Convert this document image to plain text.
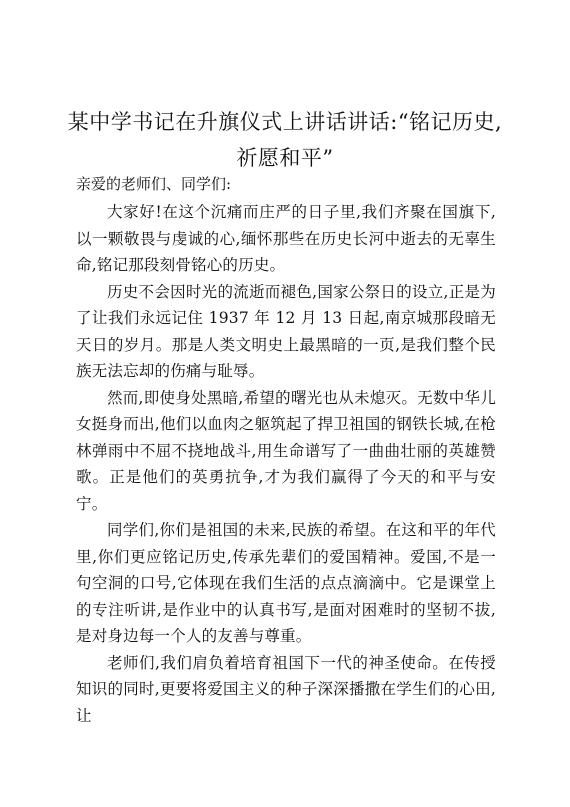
某中学书记在升旗仪式上讲话讲话:“铭记历史,
祈愿和平”

亲爱的老师们、同学们:

大家好!在这个沉痛而庄严的日子里,我们齐聚在国旗下,以一颗敬畏与虔诚的心,缅怀那些在历史长河中逝去的无辜生命,铭记那段刻骨铭心的历史。

历史不会因时光的流逝而褪色,国家公祭日的设立,正是为了让我们永远记住 1937 年 12 月 13 日起,南京城那段暗无天日的岁月。那是人类文明史上最黑暗的一页,是我们整个民族无法忘却的伤痛与耻辱。

然而,即使身处黑暗,希望的曙光也从未熄灭。无数中华儿女挺身而出,他们以血肉之躯筑起了捍卫祖国的钢铁长城,在枪林弹雨中不屈不挠地战斗,用生命谱写了一曲曲壮丽的英雄赞歌。正是他们的英勇抗争,才为我们赢得了今天的和平与安宁。

同学们,你们是祖国的未来,民族的希望。在这和平的年代里,你们更应铭记历史,传承先辈们的爱国精神。爱国,不是一句空洞的口号,它体现在我们生活的点点滴滴中。它是课堂上的专注听讲,是作业中的认真书写,是面对困难时的坚韧不拔,是对身边每一个人的友善与尊重。

老师们,我们肩负着培育祖国下一代的神圣使命。在传授知识的同时,更要将爱国主义的种子深深播撒在学生们的心田,让
